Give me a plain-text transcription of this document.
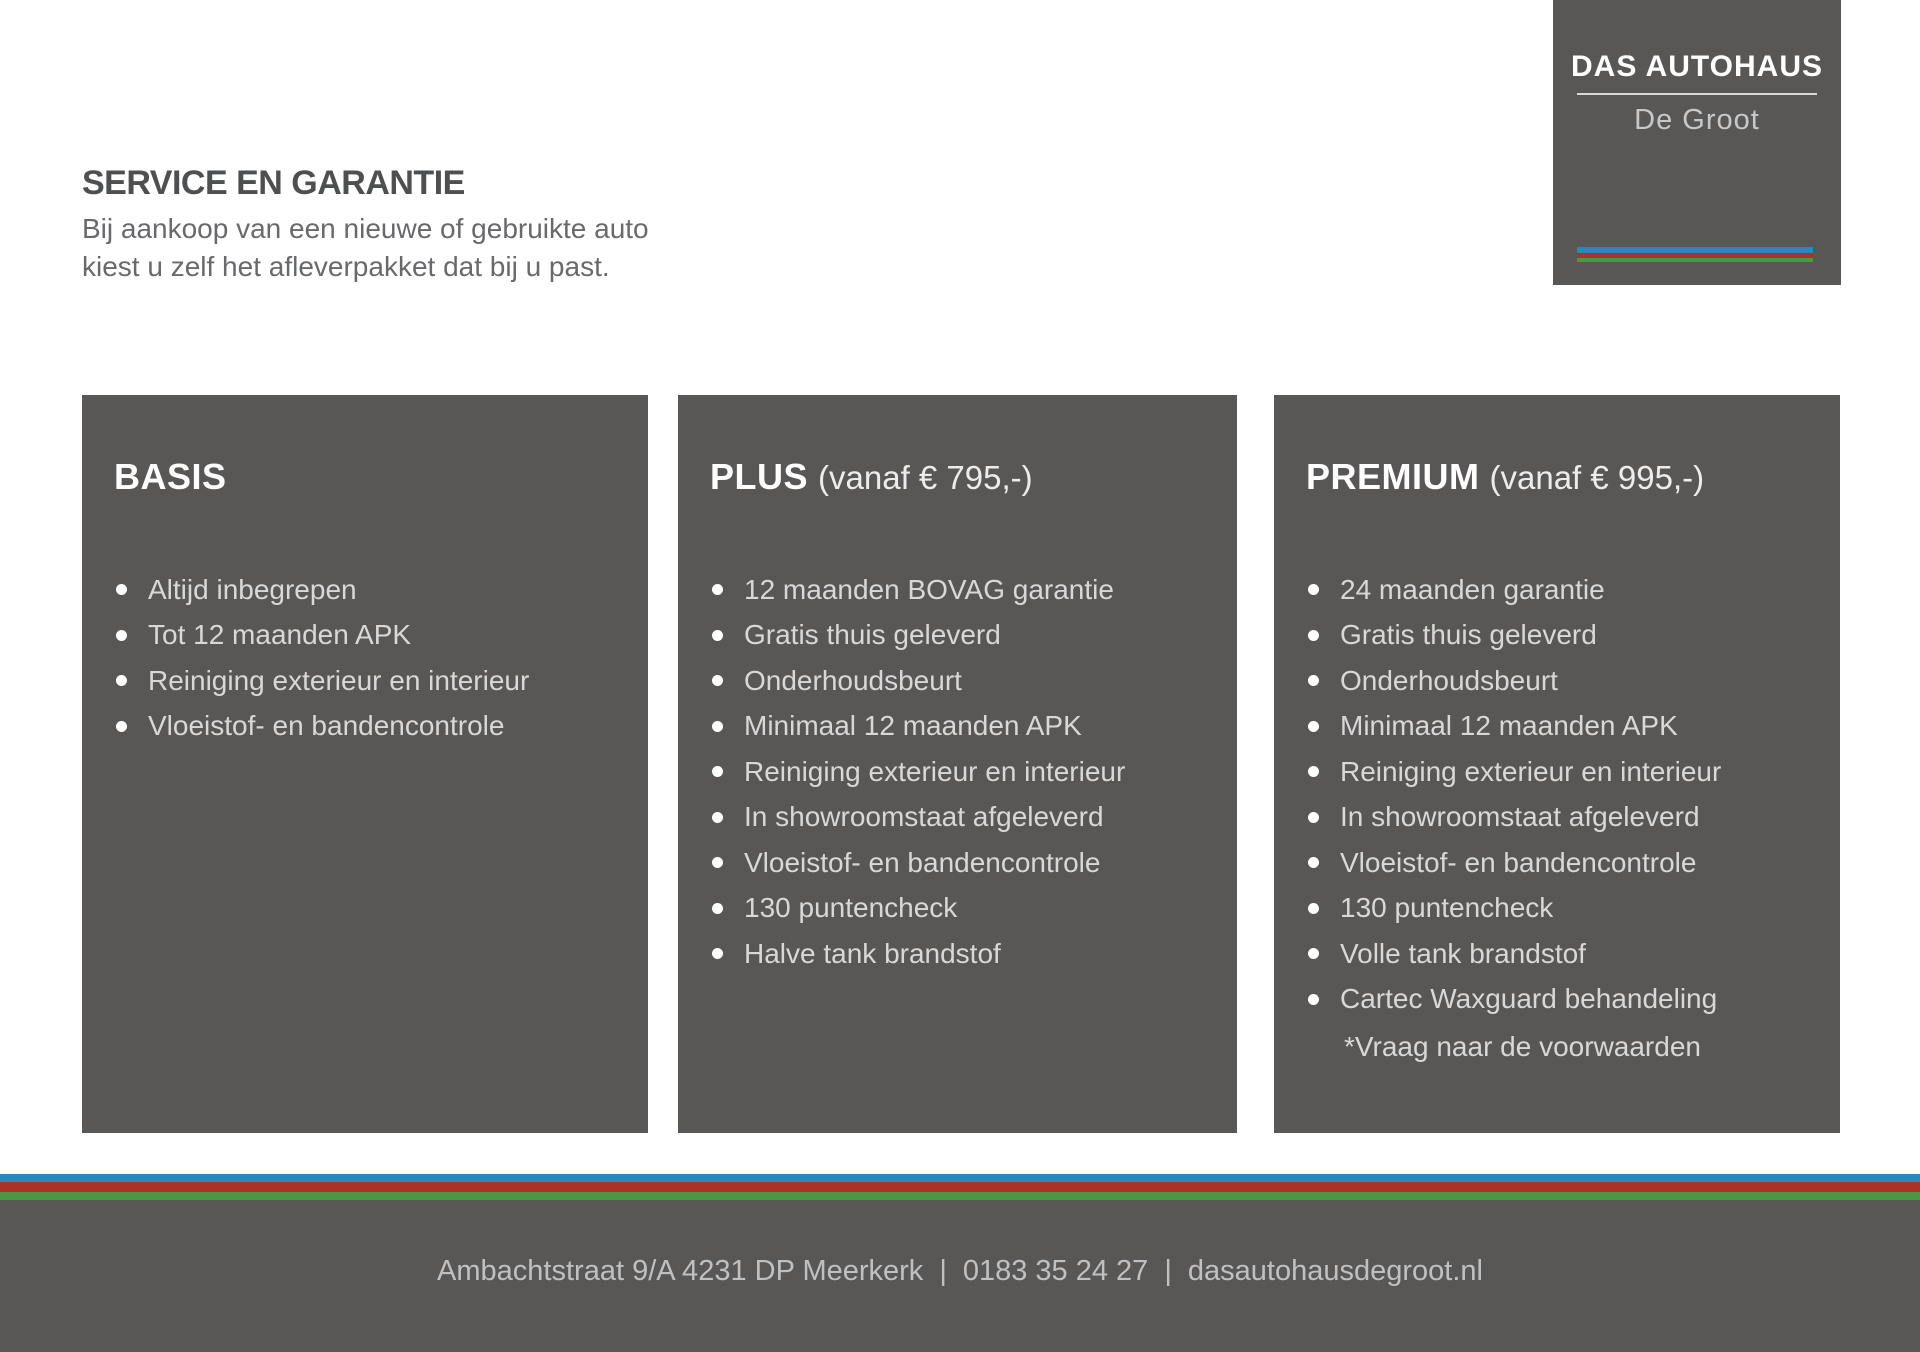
SERVICE EN GARANTIE
Bij aankoop van een nieuwe of gebruikte auto
kiest u zelf het afleverpakket dat bij u past.
DAS AUTOHAUS
De Groot
BASIS
Altijd inbegrepen
Tot 12 maanden APK
Reiniging exterieur en interieur
Vloeistof- en bandencontrole
PLUS (vanaf € 795,-)
12 maanden BOVAG garantie
Gratis thuis geleverd
Onderhoudsbeurt
Minimaal 12 maanden APK
Reiniging exterieur en interieur
In showroomstaat afgeleverd
Vloeistof- en bandencontrole
130 puntencheck
Halve tank brandstof
PREMIUM (vanaf € 995,-)
24 maanden garantie
Gratis thuis geleverd
Onderhoudsbeurt
Minimaal 12 maanden APK
Reiniging exterieur en interieur
In showroomstaat afgeleverd
Vloeistof- en bandencontrole
130 puntencheck
Volle tank brandstof
Cartec Waxguard behandeling
*Vraag naar de voorwaarden
Ambachtstraat 9/A 4231 DP Meerkerk | 0183 35 24 27 | dasautohausdegroot.nl
